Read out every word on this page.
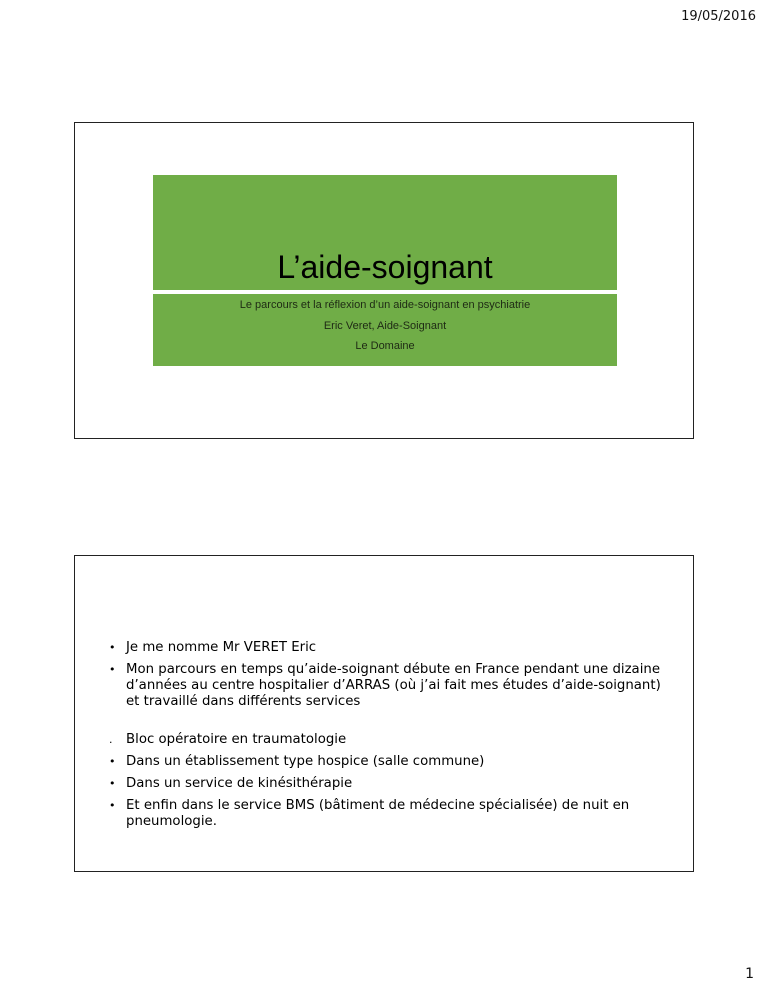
19/05/2016
L’aide-soignant
Le parcours et la réflexion d’un aide-soignant en psychiatrie
Eric Veret, Aide-Soignant
Le Domaine
• Je me nomme Mr VERET Eric
• Mon parcours en temps qu’aide-soignant débute en France pendant une dizaine d’années au centre hospitalier d’ARRAS (où j’ai fait mes études d’aide-soignant) et travaillé dans différents services
. Bloc opératoire en traumatologie
• Dans un établissement type hospice (salle commune)
• Dans un service de kinésithérapie
• Et enfin dans le service BMS (bâtiment de médecine spécialisée) de nuit en pneumologie.
1
